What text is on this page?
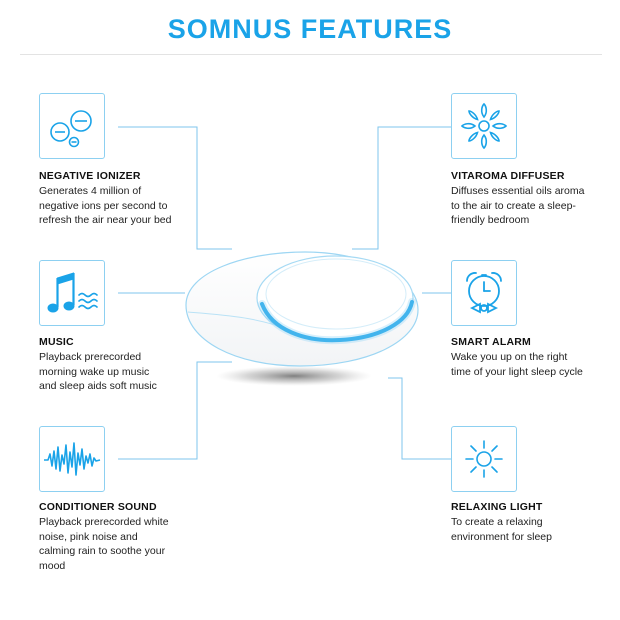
SOMNUS FEATURES
NEGATIVE IONIZER
Generates 4 million of negative ions per second to refresh the air near your bed
MUSIC
Playback prerecorded morning wake up music and sleep aids soft music
CONDITIONER SOUND
Playback prerecorded white noise, pink noise and calming rain to soothe your mood
VITAROMA DIFFUSER
Diffuses essential oils aroma to the air to create a sleep-friendly bedroom
SMART ALARM
Wake you up on the right time of your light sleep cycle
RELAXING LIGHT
To create a relaxing environment for sleep
